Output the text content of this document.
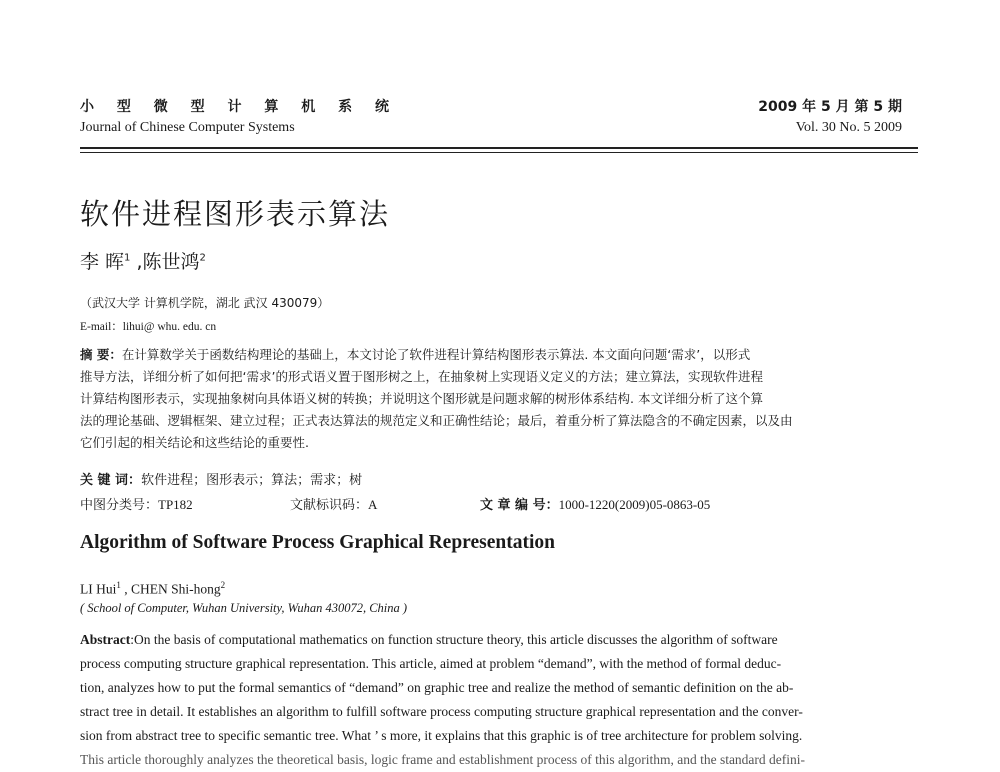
小 型 微 型 计 算 机 系 统
Journal of Chinese Computer Systems
2009 年 5 月 第 5 期
Vol. 30 No. 5 2009
软件进程图形表示算法
李 晖$^1$ ,陈世鸿$^2$
（武汉大学 计算机学院，湖北 武汉 430079）
E-mail：lihui@ whu. edu. cn
摘 要：在计算数学关于函数结构理论的基础上，本文讨论了软件进程计算结构图形表示算法. 本文面向问题‘需求’，以形式
推导方法，详细分析了如何把‘需求’的形式语义置于图形树之上，在抽象树上实现语义定义的方法；建立算法，实现软件进程
计算结构图形表示，实现抽象树向具体语义树的转换；并说明这个图形就是问题求解的树形体系结构. 本文详细分析了这个算
法的理论基础、逻辑框架、建立过程；正式表达算法的规范定义和正确性结论；最后，着重分析了算法隐含的不确定因素，以及由
它们引起的相关结论和这些结论的重要性.
关 键 词：软件进程；图形表示；算法；需求；树
中图分类号：TP182	文献标识码：A	文 章 编 号：1000-1220(2009)05-0863-05
Algorithm of Software Process Graphical Representation
LI Hui$^1$ , CHEN Shi-hong$^2$
( School of Computer, Wuhan University, Wuhan 430072, China )
Abstract:On the basis of computational mathematics on function structure theory, this article discusses the algorithm of software
process computing structure graphical representation. This article, aimed at problem “demand”, with the method of formal deduc-
tion, analyzes how to put the formal semantics of “demand” on graphic tree and realize the method of semantic definition on the ab-
stract tree in detail. It establishes an algorithm to fulfill software process computing structure graphical representation and the conver-
sion from abstract tree to specific semantic tree. What ’ s more, it explains that this graphic is of tree architecture for problem solving.
This article thoroughly analyzes the theoretical basis, logic frame and establishment process of this algorithm, and the standard defini-
